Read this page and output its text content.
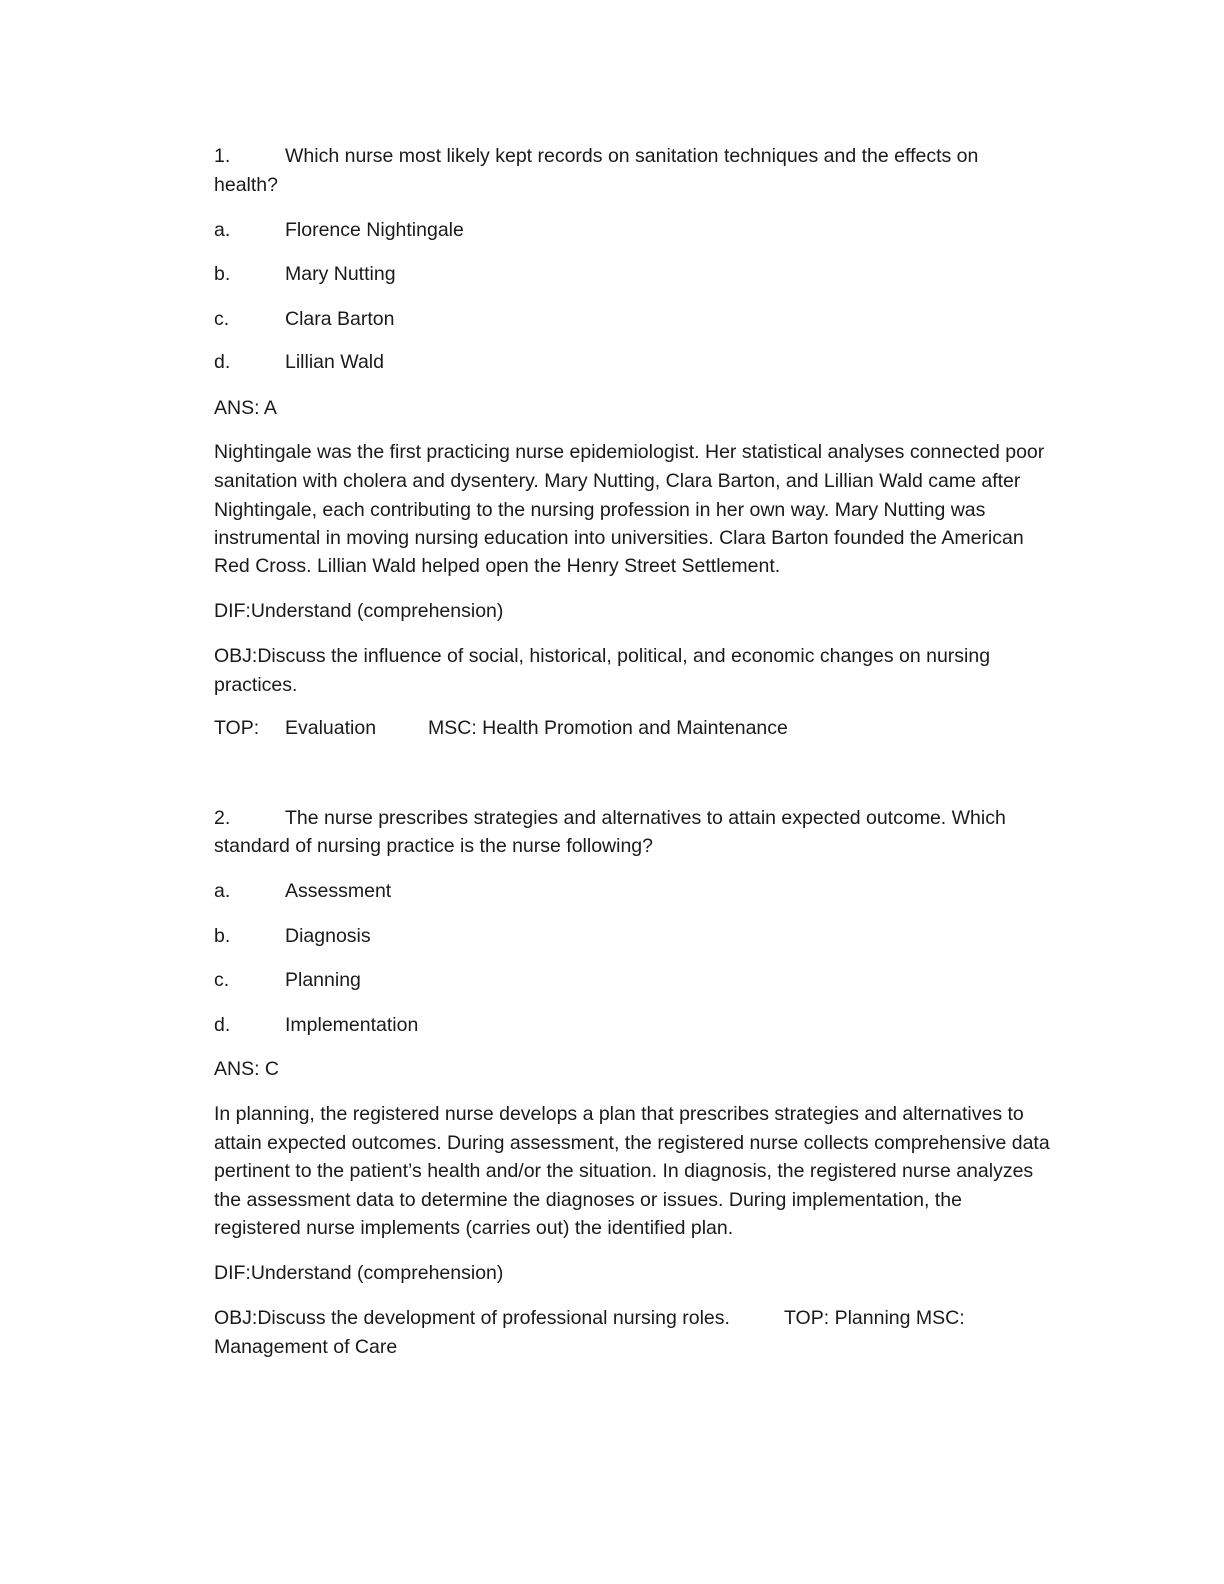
1.	Which nurse most likely kept records on sanitation techniques and the effects on
health?
a.	Florence Nightingale
b.	Mary Nutting
c.	Clara Barton
d.	Lillian Wald
ANS: A
Nightingale was the first practicing nurse epidemiologist. Her statistical analyses connected poor
sanitation with cholera and dysentery. Mary Nutting, Clara Barton, and Lillian Wald came after
Nightingale, each contributing to the nursing profession in her own way. Mary Nutting was
instrumental in moving nursing education into universities. Clara Barton founded the American
Red Cross. Lillian Wald helped open the Henry Street Settlement.
DIF:Understand (comprehension)
OBJ:Discuss the influence of social, historical, political, and economic changes on nursing
practices.
TOP: Evaluation	MSC: Health Promotion and Maintenance
2.	The nurse prescribes strategies and alternatives to attain expected outcome. Which
standard of nursing practice is the nurse following?
a.	Assessment
b.	Diagnosis
c.	Planning
d.	Implementation
ANS: C
In planning, the registered nurse develops a plan that prescribes strategies and alternatives to
attain expected outcomes. During assessment, the registered nurse collects comprehensive data
pertinent to the patient’s health and/or the situation. In diagnosis, the registered nurse analyzes
the assessment data to determine the diagnoses or issues. During implementation, the
registered nurse implements (carries out) the identified plan.
DIF:Understand (comprehension)
OBJ:Discuss the development of professional nursing roles.	TOP: Planning MSC:
Management of Care
